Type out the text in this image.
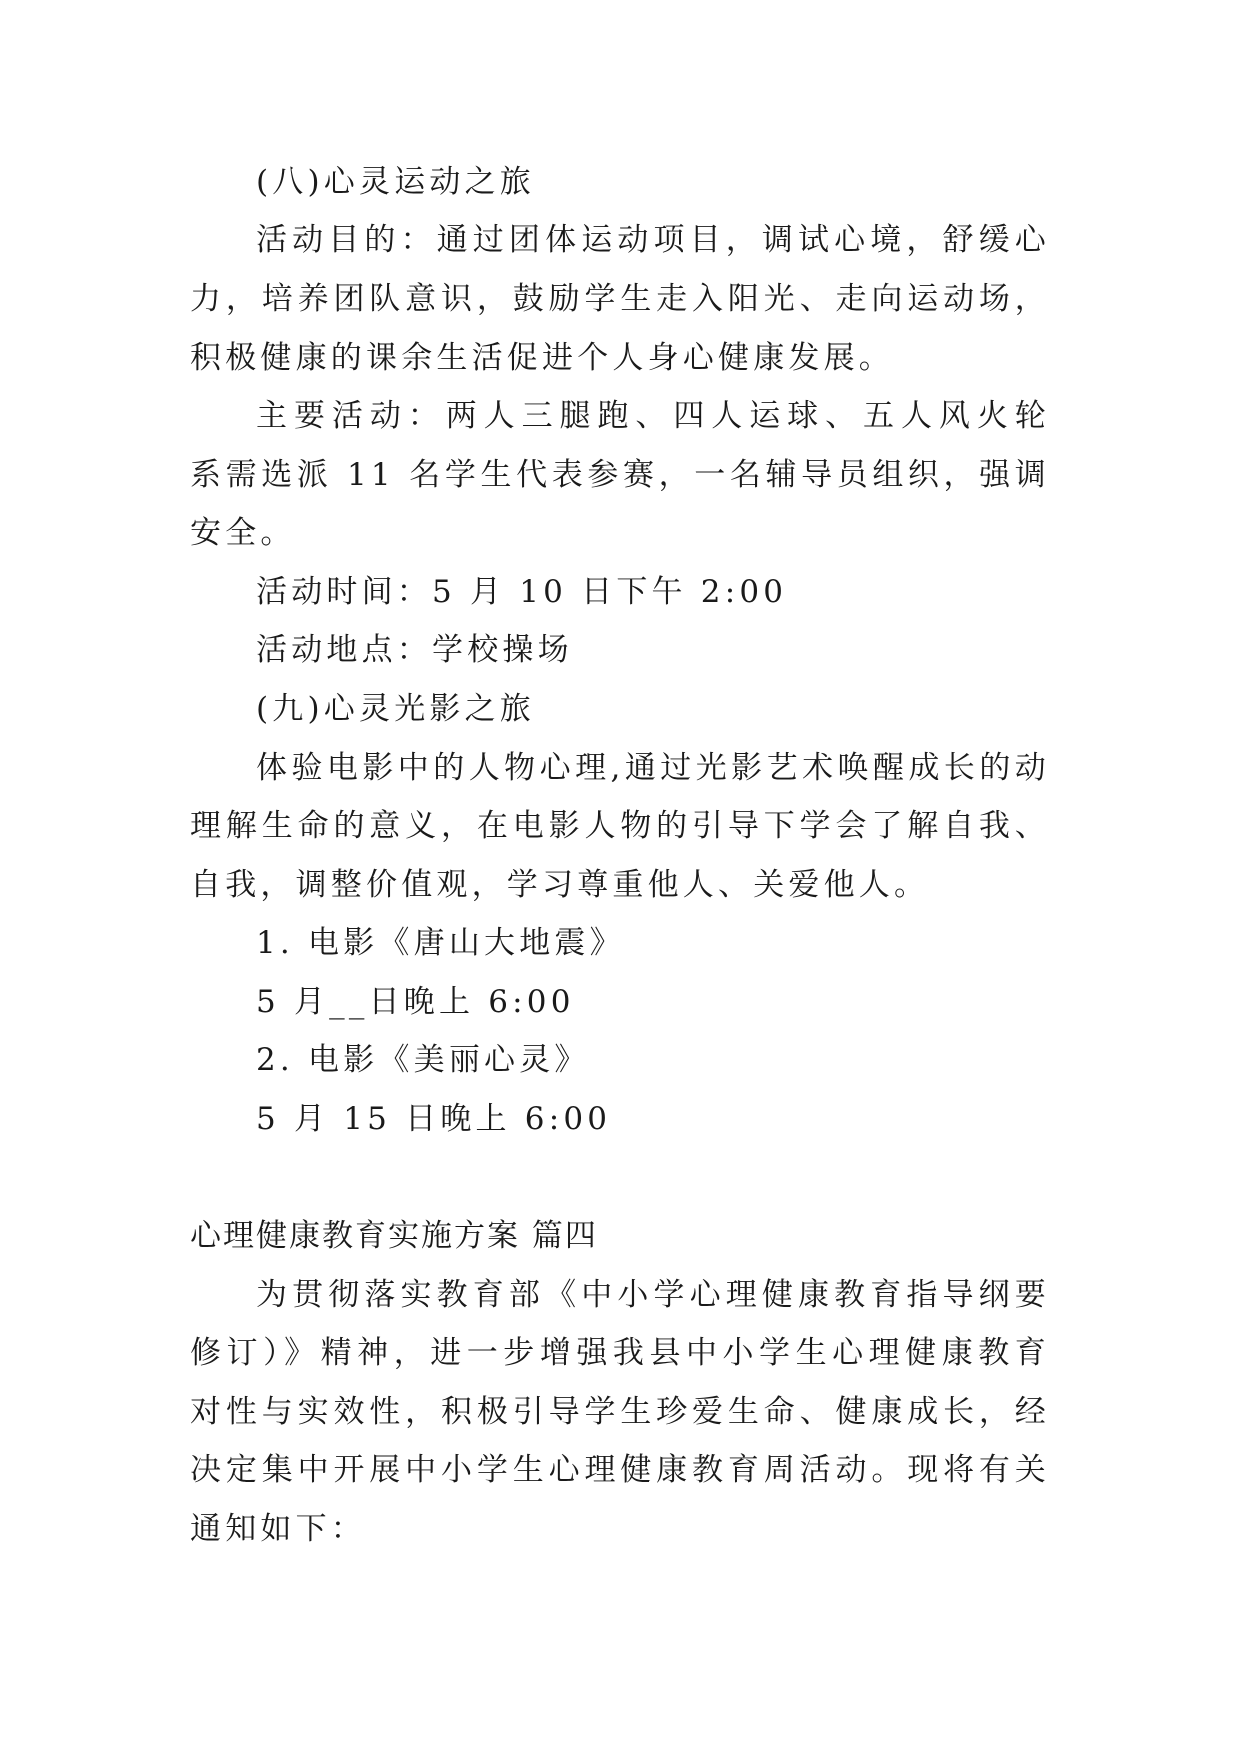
(八)心灵运动之旅

活动目的：通过团体运动项目，调试心境，舒缓心

力，培养团队意识，鼓励学生走入阳光、走向运动场，

积极健康的课余生活促进个人身心健康发展。

主要活动：两人三腿跑、四人运球、五人风火轮

系需选派 11 名学生代表参赛，一名辅导员组织，强调

安全。

活动时间：5 月 10 日下午 2:00

活动地点：学校操场

(九)心灵光影之旅

体验电影中的人物心理,通过光影艺术唤醒成长的动

理解生命的意义，在电影人物的引导下学会了解自我、

自我，调整价值观，学习尊重他人、关爱他人。

1. 电影《唐山大地震》

5 月__日晚上 6:00

2. 电影《美丽心灵》

5 月 15 日晚上 6:00

心理健康教育实施方案 篇四

为贯彻落实教育部《中小学心理健康教育指导纲要

修订）》精神，进一步增强我县中小学生心理健康教育

对性与实效性，积极引导学生珍爱生命、健康成长，经

决定集中开展中小学生心理健康教育周活动。现将有关

通知如下：
